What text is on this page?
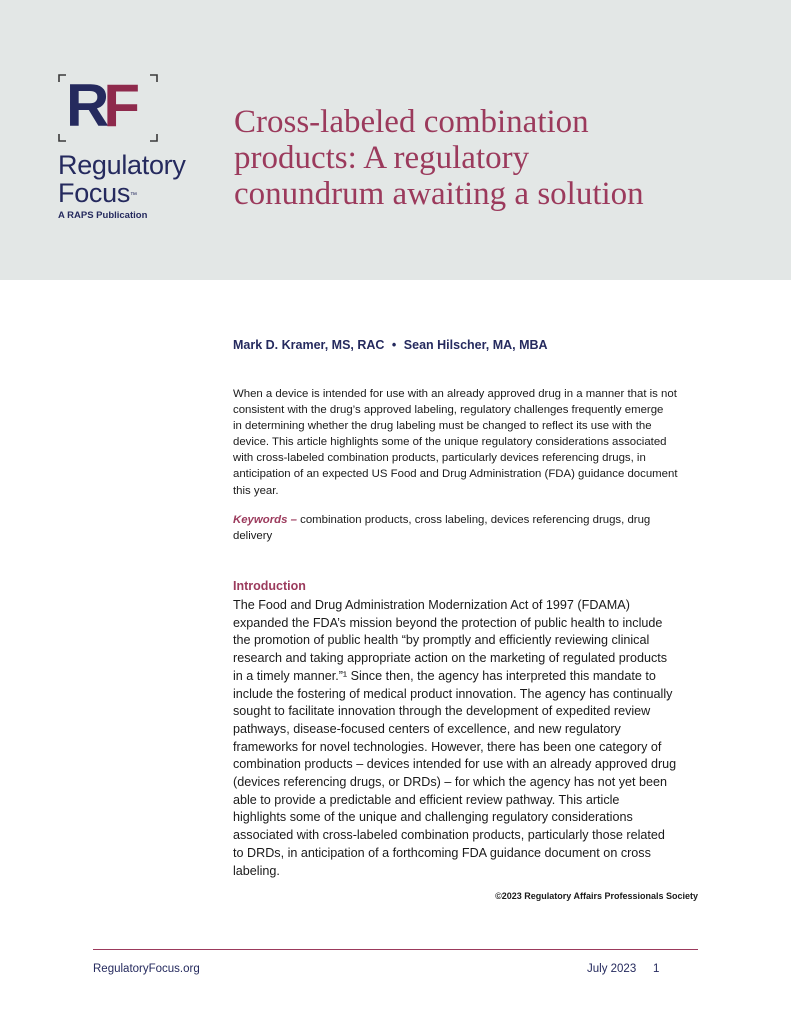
RF
Regulatory
Focus™
A RAPS Publication
Cross-labeled combination
products: A regulatory
conundrum awaiting a solution
Mark D. Kramer, MS, RAC • Sean Hilscher, MA, MBA
When a device is intended for use with an already approved drug in a manner that is not
consistent with the drug’s approved labeling, regulatory challenges frequently emerge
in determining whether the drug labeling must be changed to reflect its use with the
device. This article highlights some of the unique regulatory considerations associated
with cross-labeled combination products, particularly devices referencing drugs, in
anticipation of an expected US Food and Drug Administration (FDA) guidance document
this year.
Keywords – combination products, cross labeling, devices referencing drugs, drug
delivery
Introduction
The Food and Drug Administration Modernization Act of 1997 (FDAMA)
expanded the FDA’s mission beyond the protection of public health to include
the promotion of public health “by promptly and efficiently reviewing clinical
research and taking appropriate action on the marketing of regulated products
in a timely manner.”¹ Since then, the agency has interpreted this mandate to
include the fostering of medical product innovation. The agency has continually
sought to facilitate innovation through the development of expedited review
pathways, disease-focused centers of excellence, and new regulatory
frameworks for novel technologies. However, there has been one category of
combination products – devices intended for use with an already approved drug
(devices referencing drugs, or DRDs) – for which the agency has not yet been
able to provide a predictable and efficient review pathway. This article
highlights some of the unique and challenging regulatory considerations
associated with cross-labeled combination products, particularly those related
to DRDs, in anticipation of a forthcoming FDA guidance document on cross
labeling.
©2023 Regulatory Affairs Professionals Society
RegulatoryFocus.org	July 2023 1
